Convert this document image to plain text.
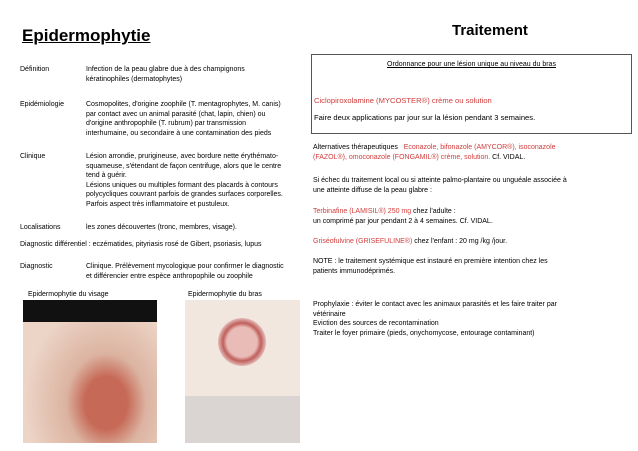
Epidermophytie	Traitement
Définition	Infection de la peau glabre due à des champignons
kératinophiles (dermatophytes)
Epidémiologie	Cosmopolites, d'origine zoophile (T. mentagrophytes, M. canis)
par contact avec un animal parasité (chat, lapin, chien) ou
d'origine anthropophile (T. rubrum) par transmission
interhumaine, ou secondaire à une contamination des pieds
Clinique	Lésion arrondie, prurigineuse, avec bordure nette érythémato-
squameuse, s'étendant de façon centrifuge, alors que le centre
tend à guérir.
Lésions uniques ou multiples formant des placards à contours
polycycliques couvrant parfois de grandes surfaces corporelles.
Parfois aspect très inflammatoire et pustuleux.
Localisations	les zones découvertes (tronc, membres, visage).
Diagnostic différentiel : eczématides, pityriasis rosé de Gibert, psoriasis, lupus
Diagnostic	Clinique. Prélèvement mycologique pour confirmer le diagnostic
et différencier entre espèce anthropophile ou zoophile
Epidermophytie du visage	Epidermophytie du bras
Ordonnance pour une lésion unique au niveau du bras
Ciclopiroxolamine (MYCOSTER®) crème ou solution
Faire deux applications par jour sur la lésion pendant 3 semaines.
Alternatives thérapeutiques Econazole, bifonazole (AMYCOR®), isoconazole
(FAZOL®), omoconazole (FONGAMIL®) crème, solution. Cf. VIDAL.
Si échec du traitement local ou si atteinte palmo-plantaire ou unguéale associée à
une atteinte diffuse de la peau glabre :
Terbinafine (LAMISIL®) 250 mg chez l'adulte :
un comprimé par jour pendant 2 à 4 semaines. Cf. VIDAL.
Grisé​ofulvine (GRISEFULINE®) chez l'enfant : 20 mg /kg /jour.
NOTE : le traitement systémique est instauré en première intention chez les
patients immunodéprimés.
Prophylaxie : éviter le contact avec les animaux parasités et les faire traiter par
vétérinaire
Eviction des sources de recontamination
Traiter le foyer primaire (pieds, onychomycose, entourage contaminant)
